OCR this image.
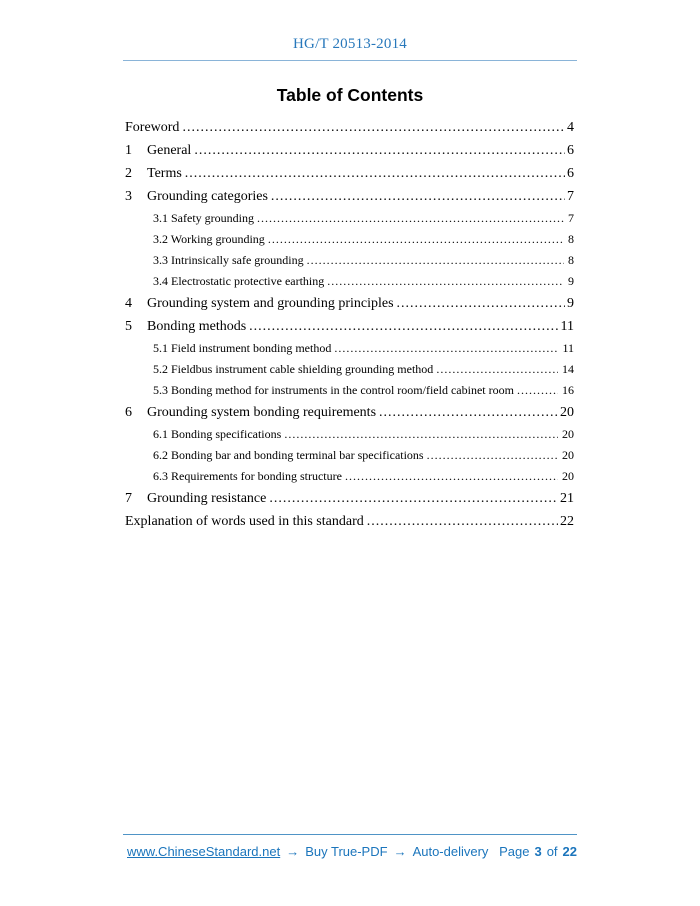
HG/T 20513-2014
Table of Contents
Foreword .....	4
1	General .....	6
2	Terms .....	6
3	Grounding categories .....	7
3.1 Safety grounding .....	7
3.2 Working grounding .....	8
3.3 Intrinsically safe grounding .....	8
3.4 Electrostatic protective earthing .....	9
4	Grounding system and grounding principles .....	9
5	Bonding methods .....	11
5.1 Field instrument bonding method .....	11
5.2 Fieldbus instrument cable shielding grounding method .....	14
5.3 Bonding method for instruments in the control room/field cabinet room .....	16
6	Grounding system bonding requirements .....	20
6.1 Bonding specifications .....	20
6.2 Bonding bar and bonding terminal bar specifications .....	20
6.3 Requirements for bonding structure .....	20
7	Grounding resistance .....	21
Explanation of words used in this standard .....	22
www.ChineseStandard.net → Buy True-PDF → Auto-delivery Page 3 of 22
